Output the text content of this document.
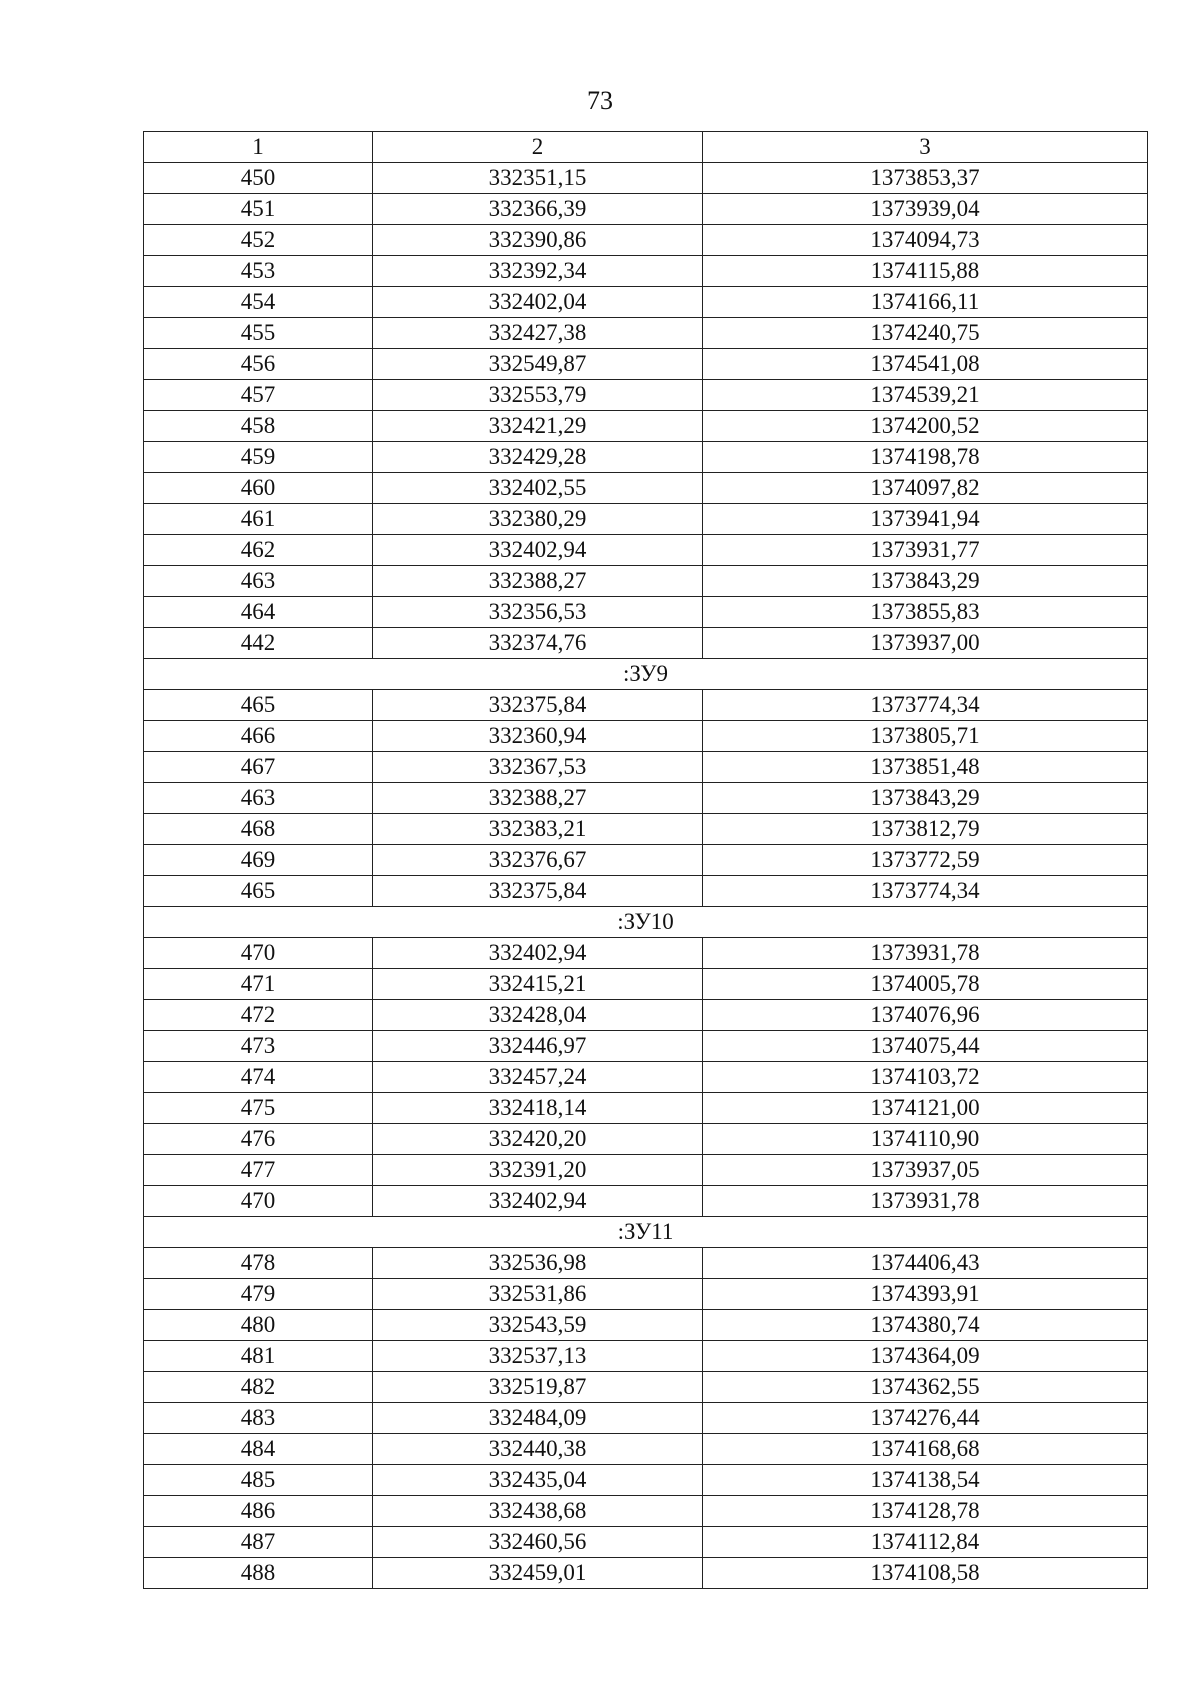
73
1	2	3
450	332351,15	1373853,37
451	332366,39	1373939,04
452	332390,86	1374094,73
453	332392,34	1374115,88
454	332402,04	1374166,11
455	332427,38	1374240,75
456	332549,87	1374541,08
457	332553,79	1374539,21
458	332421,29	1374200,52
459	332429,28	1374198,78
460	332402,55	1374097,82
461	332380,29	1373941,94
462	332402,94	1373931,77
463	332388,27	1373843,29
464	332356,53	1373855,83
442	332374,76	1373937,00
:ЗУ9		
465	332375,84	1373774,34
466	332360,94	1373805,71
467	332367,53	1373851,48
463	332388,27	1373843,29
468	332383,21	1373812,79
469	332376,67	1373772,59
465	332375,84	1373774,34
:ЗУ10		
470	332402,94	1373931,78
471	332415,21	1374005,78
472	332428,04	1374076,96
473	332446,97	1374075,44
474	332457,24	1374103,72
475	332418,14	1374121,00
476	332420,20	1374110,90
477	332391,20	1373937,05
470	332402,94	1373931,78
:ЗУ11		
478	332536,98	1374406,43
479	332531,86	1374393,91
480	332543,59	1374380,74
481	332537,13	1374364,09
482	332519,87	1374362,55
483	332484,09	1374276,44
484	332440,38	1374168,68
485	332435,04	1374138,54
486	332438,68	1374128,78
487	332460,56	1374112,84
488	332459,01	1374108,58
